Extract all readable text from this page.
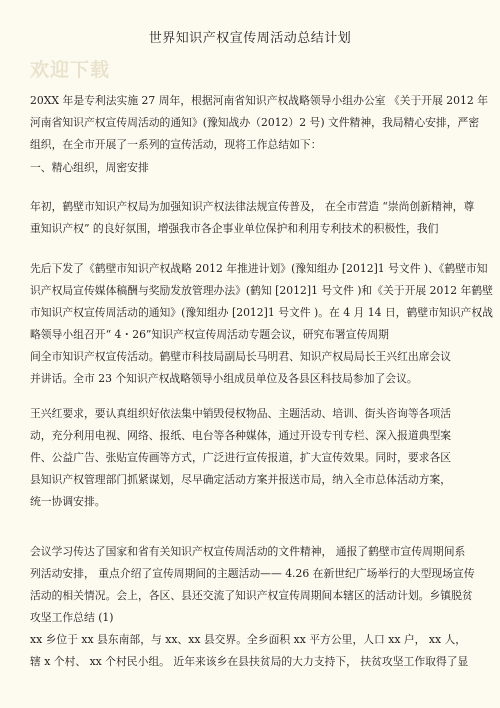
世界知识产权宣传周活动总结计划
欢迎下载
20XX 年是专利法实施 27 周年，根据河南省知识产权战略领导小组办公室 《关于开展 2012 年
河南省知识产权宣传周活动的通知》(豫知战办（2012）2 号) 文件精神，我局精心安排，严密
组织，在全市开展了一系列的宣传活动，现将工作总结如下：
一、精心组织，周密安排
年初，鹤壁市知识产权局为加强知识产权法律法规宣传普及， 在全市营造 “崇尚创新精神，尊
重知识产权” 的良好氛围，增强我市各企事业单位保护和利用专利技术的积极性，我们
先后下发了《鹤壁市知识产权战略 2012 年推进计划》(豫知组办 [2012]1 号文件 )、《鹤壁市知
识产权局宣传媒体稿酬与奖励发放管理办法》(鹤知 [2012]1 号文件 )和《关于开展 2012 年鹤壁
市知识产权宣传周活动的通知》(豫知组办 [2012]1 号文件 )。在 4 月 14 日，鹤壁市知识产权战
略领导小组召开“ 4・26”知识产权宣传周活动专题会议，研究布署宣传周期
间全市知识产权宣传活动。鹤壁市科技局副局长马明君、知识产权局局长王兴红出席会议
并讲话。全市 23 个知识产权战略领导小组成员单位及各县区科技局参加了会议。
王兴红要求，要认真组织好依法集中销毁侵权物品、主题活动、培训、街头咨询等各项活
动，充分利用电视、网络、报纸、电台等各种媒体，通过开设专刊专栏、深入报道典型案
件、公益广告、张贴宣传画等方式，广泛进行宣传报道，扩大宣传效果。同时，要求各区
县知识产权管理部门抓紧谋划，尽早确定活动方案并报送市局，纳入全市总体活动方案，
统一协调安排。
会议学习传达了国家和省有关知识产权宣传周活动的文件精神， 通报了鹤壁市宣传周期间系
列活动安排， 重点介绍了宣传周期间的主题活动—— 4.26 在新世纪广场举行的大型现场宣传
活动的相关情况。会上，各区、县还交流了知识产权宣传周期间本辖区的活动计划。乡镇脱贫
攻坚工作总结 (1)
xx 乡位于 xx 县东南部，与 xx、xx 县交界。全乡面积 xx 平方公里，人口 xx 户， xx 人，
辖 x 个村、 xx 个村民小组。 近年来该乡在县扶贫局的大力支持下， 扶贫攻坚工作取得了显
